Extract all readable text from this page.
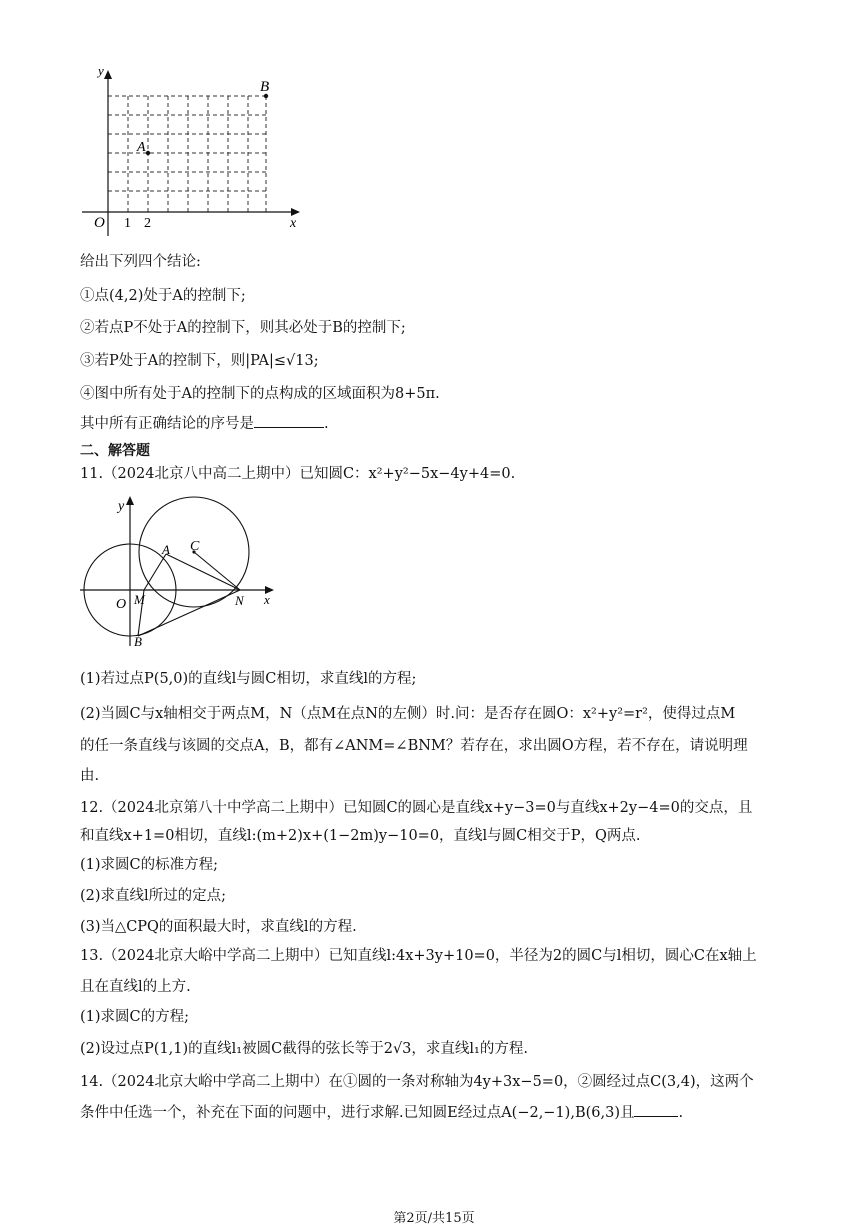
y
x
O 1 2
A
B
给出下列四个结论:
①点(4,2)处于A的控制下;
②若点P不处于A的控制下，则其必处于B的控制下;
③若P处于A的控制下，则|PA|≤√13;
④图中所有处于A的控制下的点构成的区域面积为8+5π.
其中所有正确结论的序号是	.
二、解答题
11.（2024北京八中高二上期中）已知圆C：x²+y²−5x−4y+4=0.
y
x
O M	N
A
B
C
(1)若过点P(5,0)的直线l与圆C相切，求直线l的方程;
(2)当圆C与x轴相交于两点M，N（点M在点N的左侧）时.问：是否存在圆O：x²+y²=r²，使得过点M
的任一条直线与该圆的交点A，B，都有∠ANM=∠BNM？若存在，求出圆O方程，若不存在，请说明理
由.
12.（2024北京第八十中学高二上期中）已知圆C的圆心是直线x+y−3=0与直线x+2y−4=0的交点，且
和直线x+1=0相切，直线l:(m+2)x+(1−2m)y−10=0，直线l与圆C相交于P，Q两点.
(1)求圆C的标准方程;
(2)求直线l所过的定点;
(3)当△CPQ的面积最大时，求直线l的方程.
13.（2024北京大峪中学高二上期中）已知直线l:4x+3y+10=0，半径为2的圆C与l相切，圆心C在x轴上
且在直线l的上方.
(1)求圆C的方程;
(2)设过点P(1,1)的直线l₁被圆C截得的弦长等于2√3，求直线l₁的方程.
14.（2024北京大峪中学高二上期中）在①圆的一条对称轴为4y+3x−5=0，②圆经过点C(3,4)，这两个
条件中任选一个，补充在下面的问题中，进行求解.已知圆E经过点A(−2,−1),B(6,3)且	.
第2页/共15页
